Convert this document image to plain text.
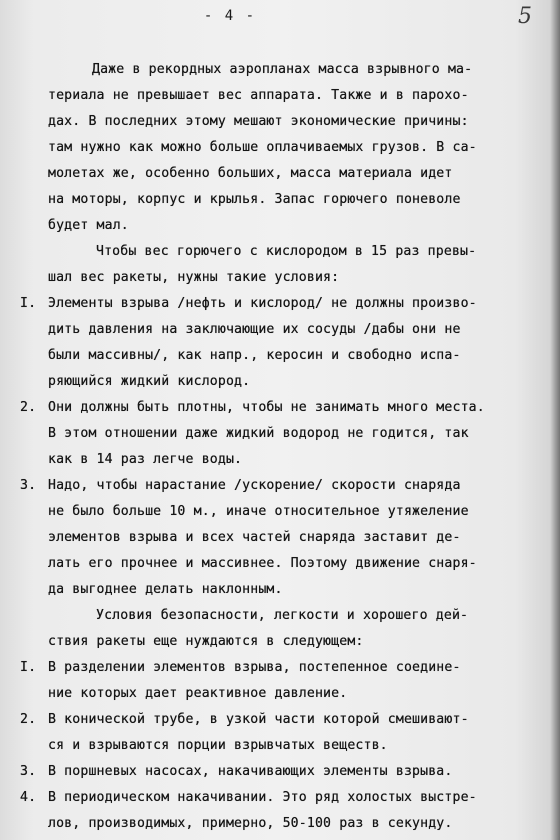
5
- 4 -
Даже в рекордных аэропланах масса взрывного ма-
териала не превышает вес аппарата. Также и в парохо-
дах. В последних этому мешают экономические причины:
там нужно как можно больше оплачиваемых грузов. В са-
молетах же, особенно больших, масса материала идет
на моторы, корпус и крылья. Запас горючего поневоле
будет мал.
Чтобы вес горючего с кислородом в 15 раз превы-
шал вес ракеты, нужны такие условия:
I. Элементы взрыва /нефть и кислород/ не должны произво-
дить давления на заключающие их сосуды /дабы они не
были массивны/, как напр., керосин и свободно испа-
ряющийся жидкий кислород.
2. Они должны быть плотны, чтобы не занимать много места.
В этом отношении даже жидкий водород не годится, так
как в 14 раз легче воды.
3. Надо, чтобы нарастание /ускорение/ скорости снаряда
не было больше 10 м., иначе относительное утяжеление
элементов взрыва и всех частей снаряда заставит де-
лать его прочнее и массивнее. Поэтому движение снаря-
да выгоднее делать наклонным.
Условия безопасности, легкости и хорошего дей-
ствия ракеты еще нуждаются в следующем:
I. В разделении элементов взрыва, постепенное соедине-
ние которых дает реактивное давление.
2. В конической трубе, в узкой части которой смешивают-
ся и взрываются порции взрывчатых веществ.
3. В поршневых насосах, накачивающих элементы взрыва.
4. В периодическом накачивании. Это ряд холостых выстре-
лов, производимых, примерно, 50-100 раз в секунду.
